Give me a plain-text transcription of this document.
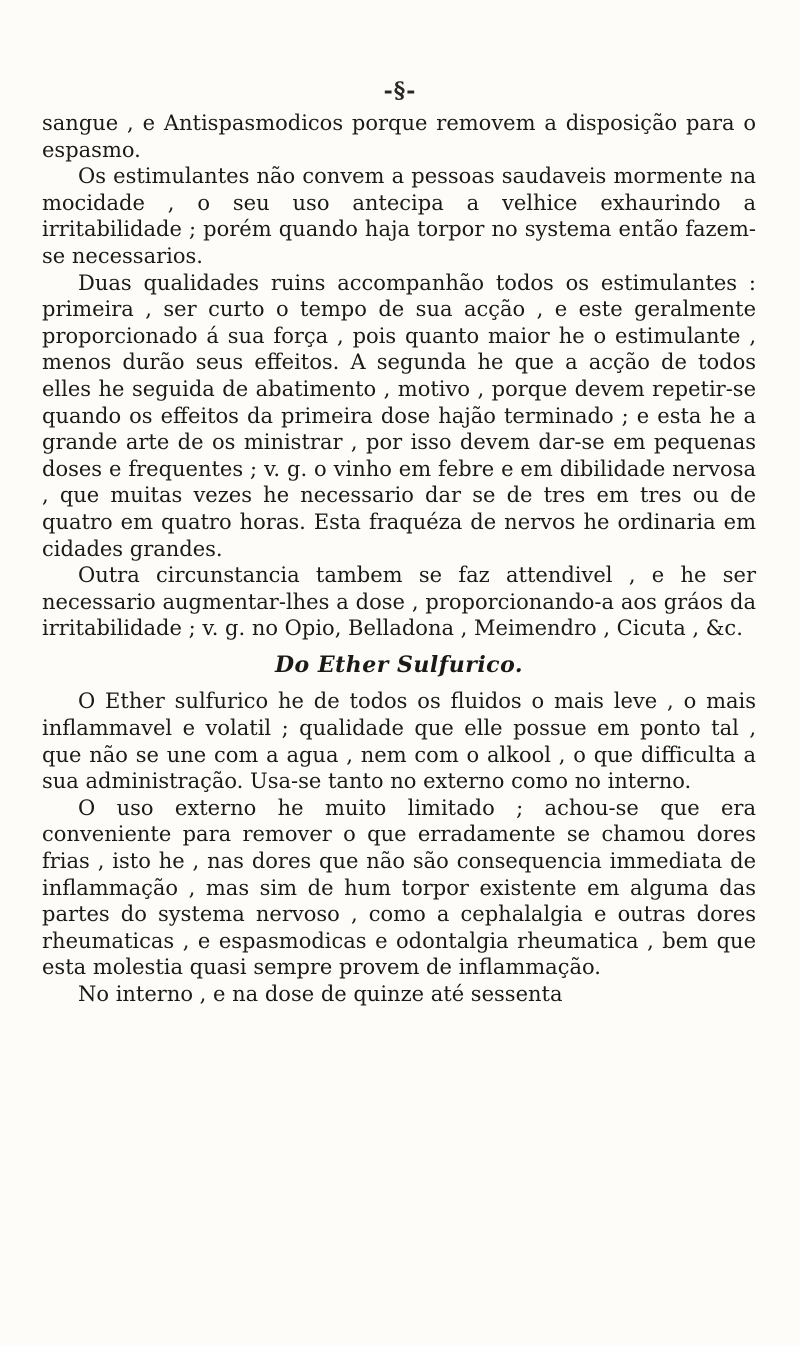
-§-

sangue , e Antispasmodicos porque removem a disposição para o espasmo.

Os estimulantes não convem a pessoas saudaveis mormente na mocidade , o seu uso antecipa a velhice exhaurindo a irritabilidade ; porém quando haja torpor no systema então fazem-se necessarios.

Duas qualidades ruins accompanhão todos os estimulantes : primeira , ser curto o tempo de sua acção , e este geralmente proporcionado á sua força , pois quanto maior he o estimulante , menos durão seus effeitos. A segunda he que a acção de todos elles he seguida de abatimento , motivo , porque devem repetir-se quando os effeitos da primeira dose hajão terminado ; e esta he a grande arte de os ministrar , por isso devem dar-se em pequenas doses e frequentes ; v. g. o vinho em febre e em dibilidade nervosa , que muitas vezes he necessario dar se de tres em tres ou de quatro em quatro horas. Esta fraquéza de nervos he ordinaria em cidades grandes.

Outra circunstancia tambem se faz attendivel , e he ser necessario augmentar-lhes a dose , proporcionando-a aos gráos da irritabilidade ; v. g. no Opio, Belladona , Meimendro , Cicuta , &c.

Do Ether Sulfurico.

O Ether sulfurico he de todos os fluidos o mais leve , o mais inflammavel e volatil ; qualidade que elle possue em ponto tal , que não se une com a agua , nem com o alkool , o que difficulta a sua administração. Usa-se tanto no externo como no interno.

O uso externo he muito limitado ; achou-se que era conveniente para remover o que erradamente se chamou dores frias , isto he , nas dores que não são consequencia immediata de inflammação , mas sim de hum torpor existente em alguma das partes do systema nervoso , como a cephalalgia e outras dores rheumaticas , e espasmodicas e odontalgia rheumatica , bem que esta molestia quasi sempre provem de inflammação.

No interno , e na dose de quinze até sessenta
